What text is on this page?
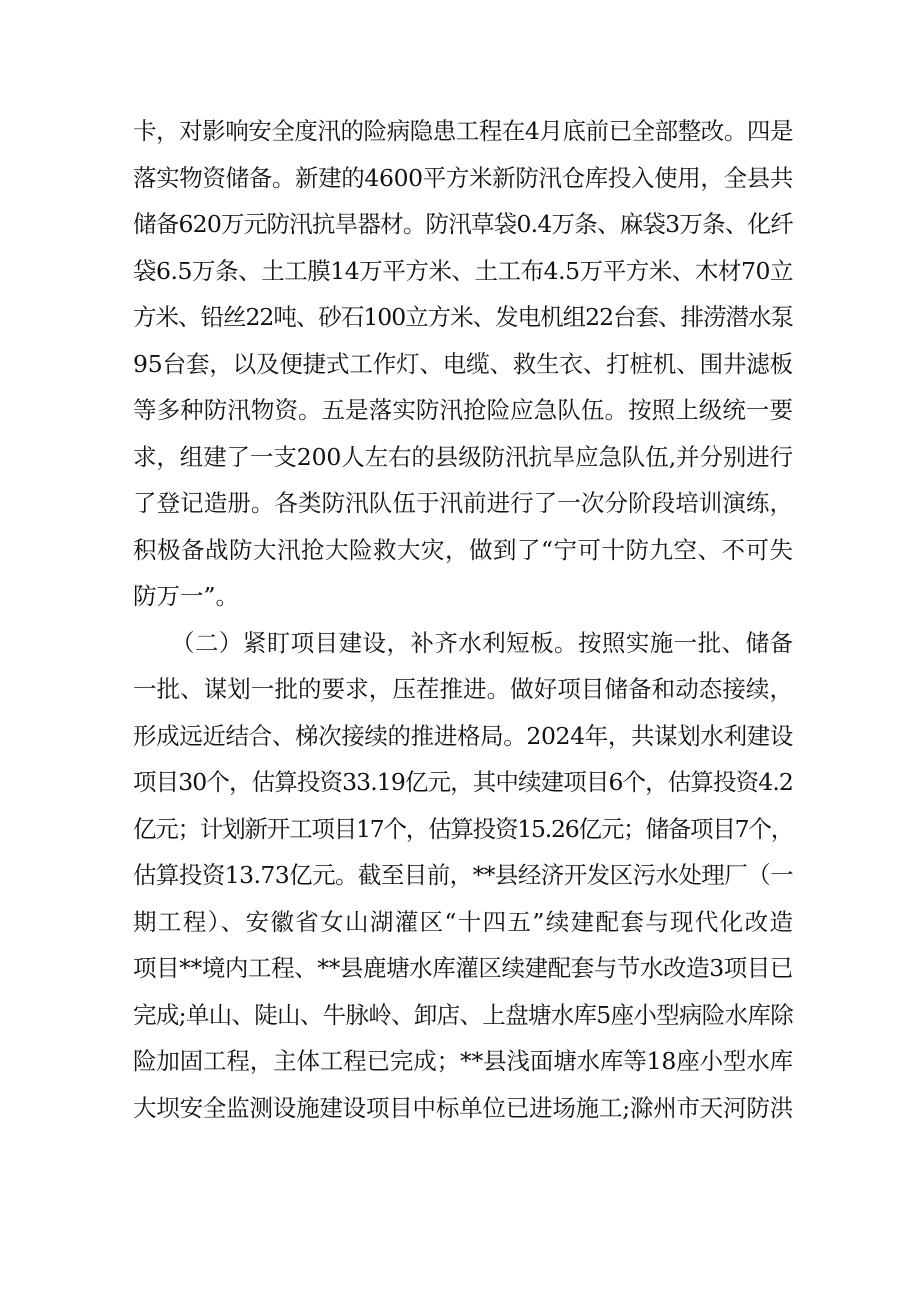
卡，对影响安全度汛的险病隐患工程在4月底前已全部整改。四是
落实物资储备。新建的4600平方米新防汛仓库投入使用，全县共
储备620万元防汛抗旱器材。防汛草袋0.4万条、麻袋3万条、化纤
袋6.5万条、土工膜14万平方米、土工布4.5万平方米、木材70立
方米、铅丝22吨、砂石100立方米、发电机组22台套、排涝潜水泵
95台套，以及便捷式工作灯、电缆、救生衣、打桩机、围井滤板
等多种防汛物资。五是落实防汛抢险应急队伍。按照上级统一要
求，组建了一支200人左右的县级防汛抗旱应急队伍,并分别进行
了登记造册。各类防汛队伍于汛前进行了一次分阶段培训演练，
积极备战防大汛抢大险救大灾，做到了“宁可十防九空、不可失
防万一”。
（二）紧盯项目建设，补齐水利短板。按照实施一批、储备
一批、谋划一批的要求，压茬推进。做好项目储备和动态接续，
形成远近结合、梯次接续的推进格局。2024年，共谋划水利建设
项目30个，估算投资33.19亿元，其中续建项目6个，估算投资4.2
亿元；计划新开工项目17个，估算投资15.26亿元；储备项目7个，
估算投资13.73亿元。截至目前，**县经济开发区污水处理厂（一
期工程）、安徽省女山湖灌区“十四五”续建配套与现代化改造
项目**境内工程、**县鹿塘水库灌区续建配套与节水改造3项目已
完成;单山、陡山、牛脉岭、卸店、上盘塘水库5座小型病险水库除
险加固工程，主体工程已完成；**县浅面塘水库等18座小型水库
大坝安全监测设施建设项目中标单位已进场施工;滁州市天河防洪
